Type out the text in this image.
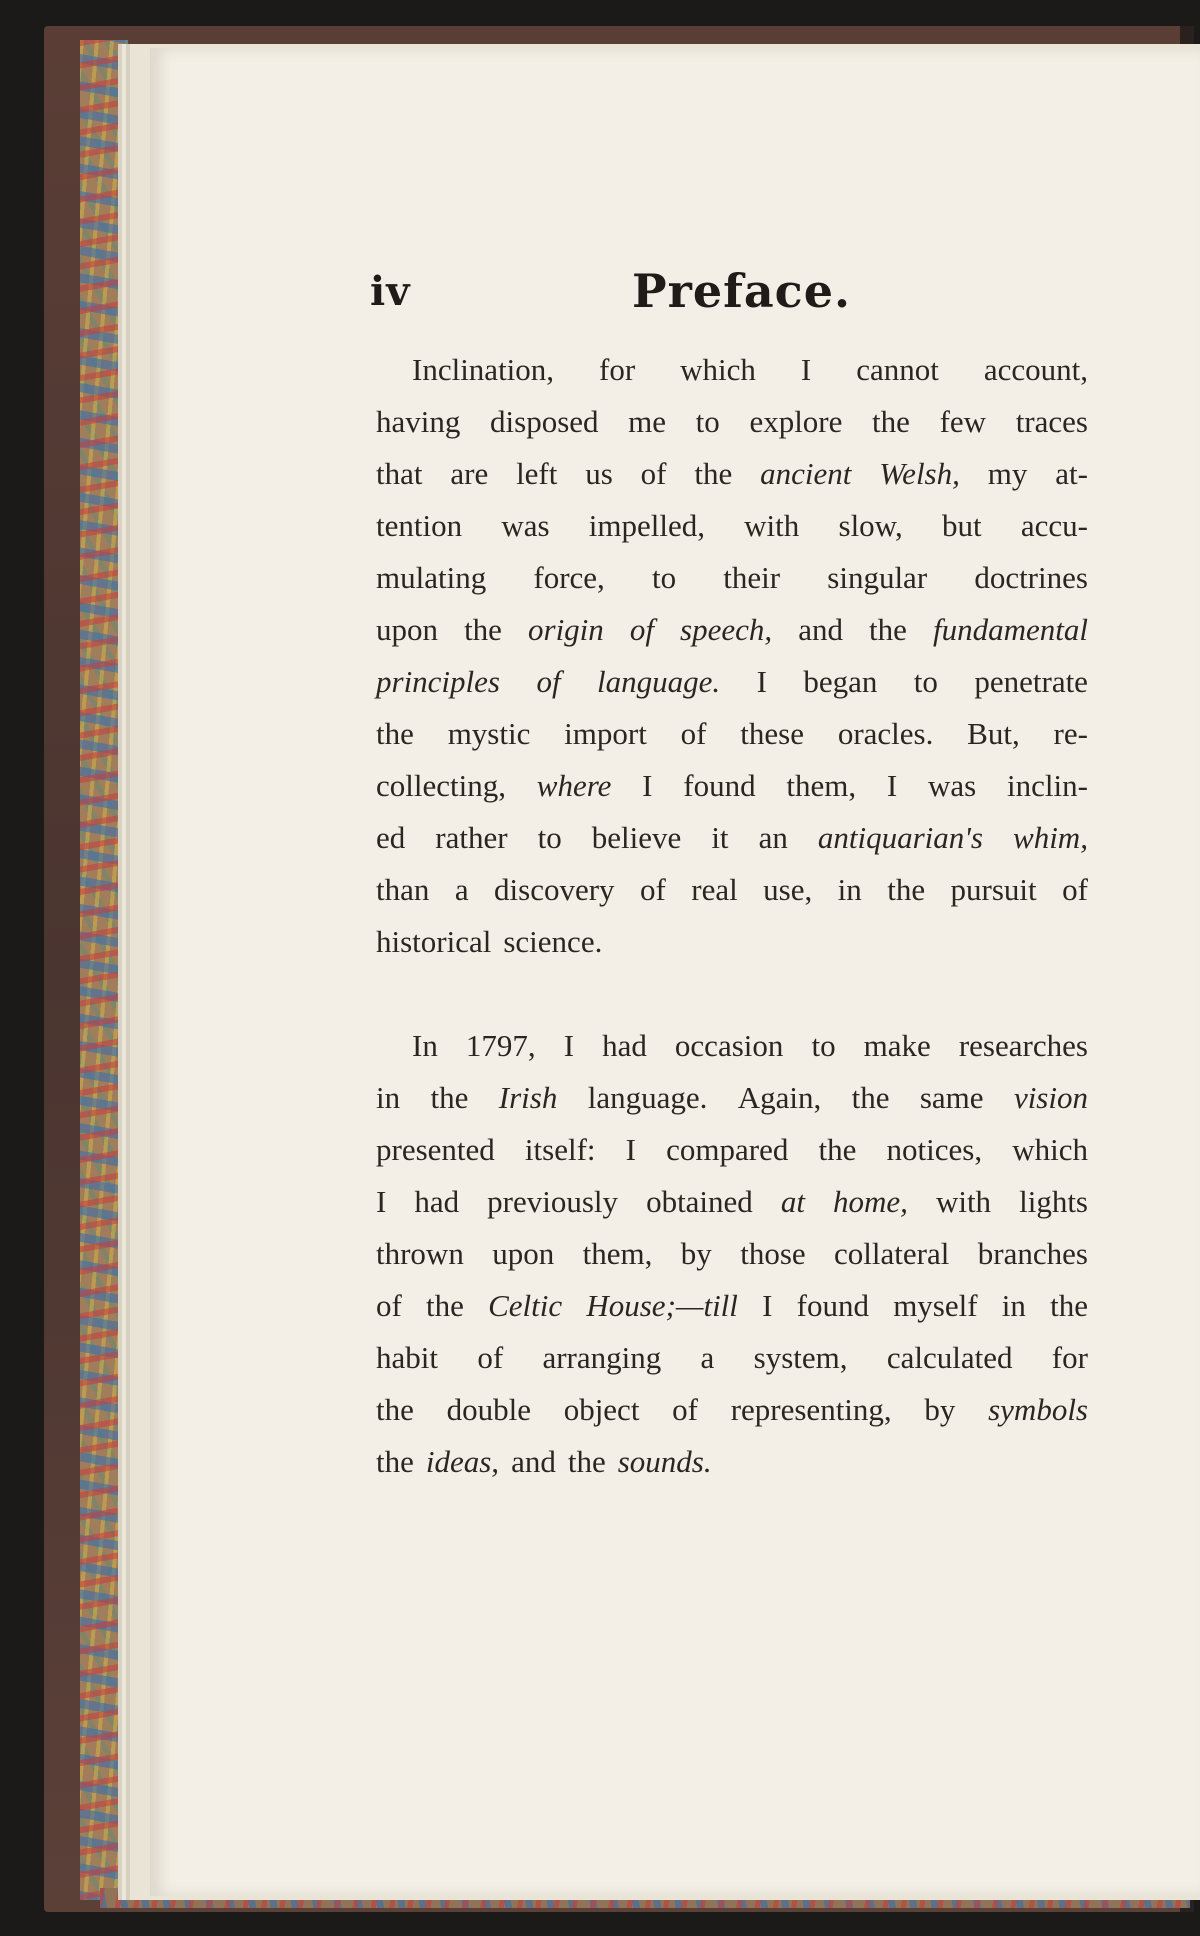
iv	Preface.
Inclination, for which I cannot account,
having disposed me to explore the few traces
that are left us of the ancient Welsh, my at-
tention was impelled, with slow, but accu-
mulating force, to their singular doctrines
upon the origin of speech, and the fundamental
principles of language. I began to penetrate
the mystic import of these oracles. But, re-
collecting, where I found them, I was inclin-
ed rather to believe it an antiquarian's whim,
than a discovery of real use, in the pursuit of
historical science.
In 1797, I had occasion to make researches
in the Irish language. Again, the same vision
presented itself: I compared the notices, which
I had previously obtained at home, with lights
thrown upon them, by those collateral branches
of the Celtic House;—till I found myself in the
habit of arranging a system, calculated for
the double object of representing, by symbols
the ideas, and the sounds.
